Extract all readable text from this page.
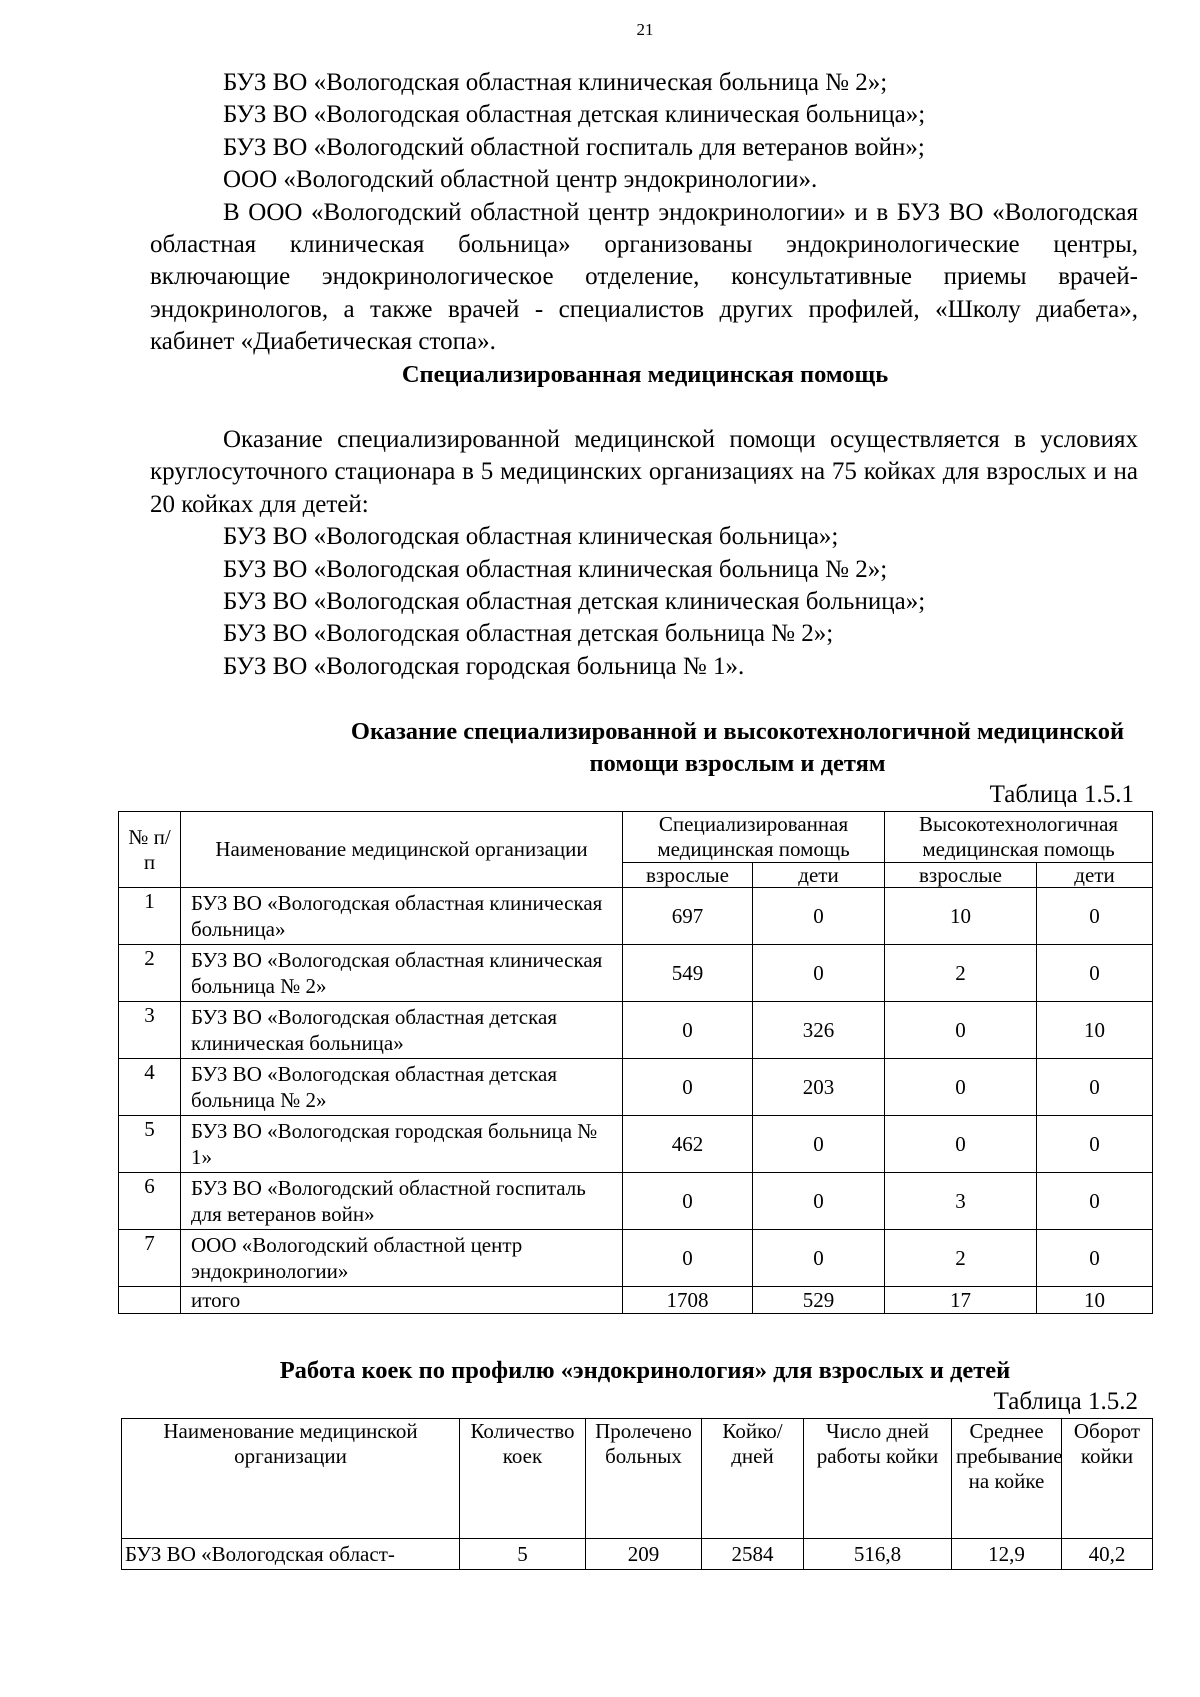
21

БУЗ ВО «Вологодская областная клиническая больница № 2»;

БУЗ ВО «Вологодская областная детская клиническая больница»;

БУЗ ВО «Вологодский областной госпиталь для ветеранов войн»;

ООО «Вологодский областной центр эндокринологии».

В ООО «Вологодский областной центр эндокринологии» и в БУЗ ВО «Вологодская областная клиническая больница» организованы эндокринологические центры, включающие эндокринологическое отделение, консультативные приемы врачей-эндокринологов, а также врачей - специалистов других профилей, «Школу диабета», кабинет «Диабетическая стопа».

Специализированная медицинская помощь

Оказание специализированной медицинской помощи осуществляется в условиях круглосуточного стационара в 5 медицинских организациях на 75 койках для взрослых и на 20 койках для детей:

БУЗ ВО «Вологодская областная клиническая больница»;

БУЗ ВО «Вологодская областная клиническая больница № 2»;

БУЗ ВО «Вологодская областная детская клиническая больница»;

БУЗ ВО «Вологодская областная детская больница № 2»;

БУЗ ВО «Вологодская городская больница № 1».

Оказание специализированной и высокотехнологичной медицинской
помощи взрослым и детям
Таблица 1.5.1
№ п/п	Наименование медицинской организации	Специализированная медицинская помощь		Высокотехнологичная медицинская помощь	
		взрослые	дети	взрослые	дети
1	БУЗ ВО «Вологодская областная клиническая больница»	697	0	10	0
2	БУЗ ВО «Вологодская областная клиническая больница № 2»	549	0	2	0
3	БУЗ ВО «Вологодская областная детская клиническая больница»	0	326	0	10
4	БУЗ ВО «Вологодская областная детская больница № 2»	0	203	0	0
5	БУЗ ВО «Вологодская городская больница № 1»	462	0	0	0
6	БУЗ ВО «Вологодский областной госпиталь для ветеранов войн»	0	0	3	0
7	ООО «Вологодский областной центр эндокринологии»	0	0	2	0
	итого	1708	529	17	10
Работа коек по профилю «эндокринология» для взрослых и детей
Таблица 1.5.2
Наименование медицинской организации	Количество коек	Пролечено больных	Койко/дней	Число дней работы койки	Среднее пребывание на койке	Оборот койки
БУЗ ВО «Вологодская област-	5	209	2584	516,8	12,9	40,2
